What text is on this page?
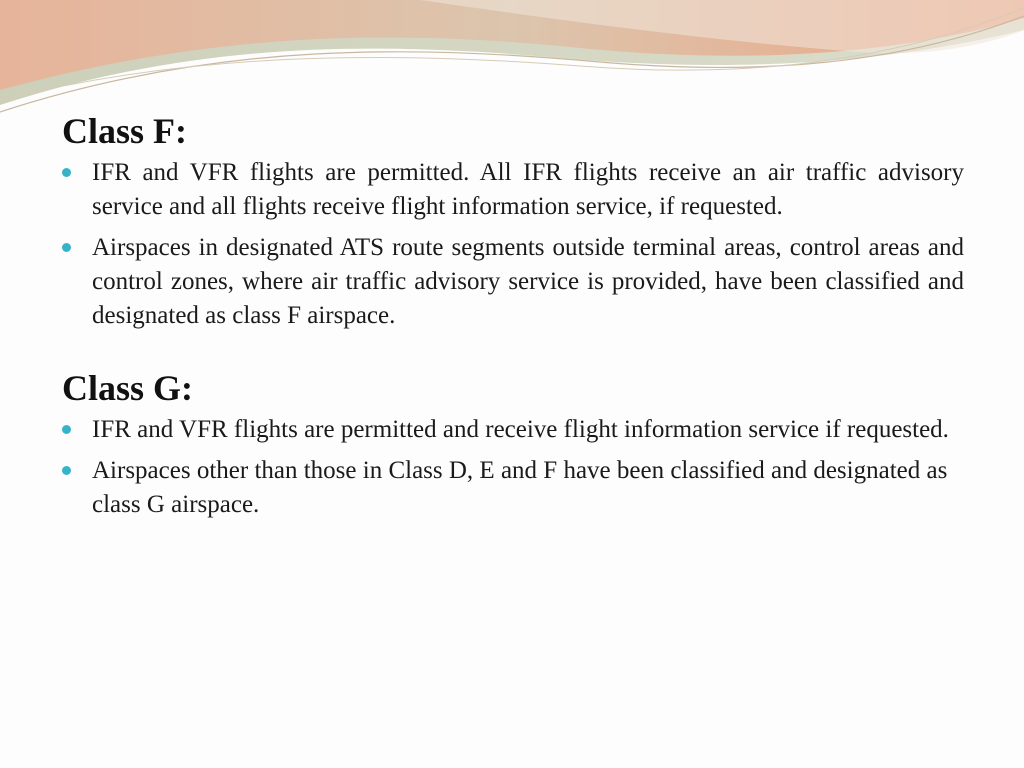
Class F:
IFR and VFR flights are permitted. All IFR flights receive an air traffic advisory service and all flights receive flight information service, if requested.
Airspaces in designated ATS route segments outside terminal areas, control areas and control zones, where air traffic advisory service is provided, have been classified and designated as class F airspace.
Class G:
IFR and VFR flights are permitted and receive flight information service if requested.
Airspaces other than those in Class D, E and F have been classified and designated as class G airspace.
